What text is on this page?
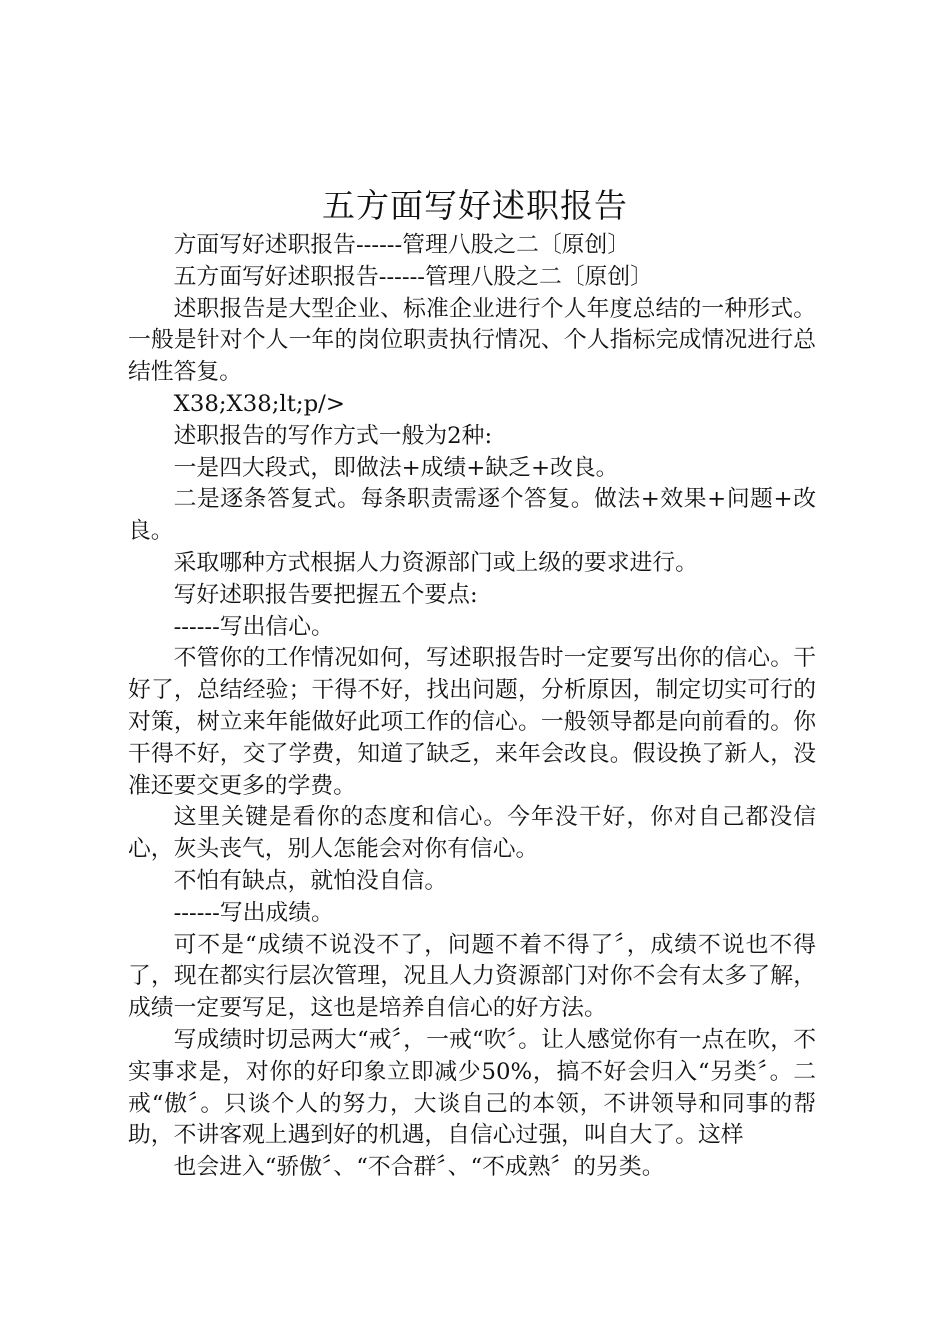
五方面写好述职报告

方面写好述职报告------管理八股之二〔原创〕

五方面写好述职报告------管理八股之二〔原创〕

述职报告是大型企业、标准企业进行个人年度总结的一种形式。一般是针对个人一年的岗位职责执行情况、个人指标完成情况进行总结性答复。

X38;X38;lt;p/>

述职报告的写作方式一般为2种:

一是四大段式，即做法+成绩+缺乏+改良。

二是逐条答复式。每条职责需逐个答复。做法+效果+问题+改良。

采取哪种方式根据人力资源部门或上级的要求进行。

写好述职报告要把握五个要点:

------写出信心。

不管你的工作情况如何，写述职报告时一定要写出你的信心。干好了，总结经验；干得不好，找出问题，分析原因，制定切实可行的对策，树立来年能做好此项工作的信心。一般领导都是向前看的。你干得不好，交了学费，知道了缺乏，来年会改良。假设换了新人，没准还要交更多的学费。

这里关键是看你的态度和信心。今年没干好，你对自己都没信心，灰头丧气，别人怎能会对你有信心。

不怕有缺点，就怕没自信。

------写出成绩。

可不是“成绩不说没不了，问题不着不得了〞，成绩不说也不得了，现在都实行层次管理，况且人力资源部门对你不会有太多了解，成绩一定要写足，这也是培养自信心的好方法。

写成绩时切忌两大“戒〞，一戒“吹〞。让人感觉你有一点在吹，不实事求是，对你的好印象立即减少50%，搞不好会归入“另类〞。二戒“傲〞。只谈个人的努力，大谈自己的本领，不讲领导和同事的帮助，不讲客观上遇到好的机遇，自信心过强，叫自大了。这样

也会进入“骄傲〞、“不合群〞、“不成熟〞的另类。
